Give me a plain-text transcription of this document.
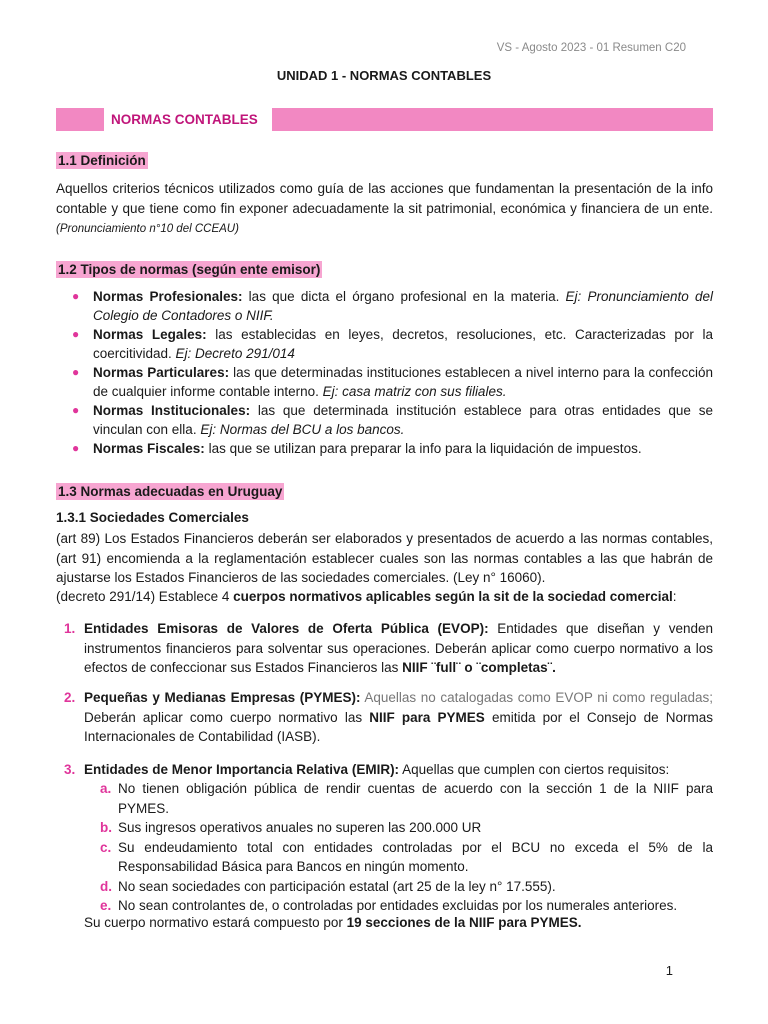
VS - Agosto 2023 - 01 Resumen C20
UNIDAD 1 - NORMAS CONTABLES
NORMAS CONTABLES
1.1 Definición
Aquellos criterios técnicos utilizados como guía de las acciones que fundamentan la presentación de la info contable y que tiene como fin exponer adecuadamente la sit patrimonial, económica y financiera de un ente. (Pronunciamiento n°10 del CCEAU)
1.2 Tipos de normas (según ente emisor)
● Normas Profesionales: las que dicta el órgano profesional en la materia. Ej: Pronunciamiento del Colegio de Contadores o NIIF.
● Normas Legales: las establecidas en leyes, decretos, resoluciones, etc. Caracterizadas por la coercitividad. Ej: Decreto 291/014
● Normas Particulares: las que determinadas instituciones establecen a nivel interno para la confección de cualquier informe contable interno. Ej: casa matriz con sus filiales.
● Normas Institucionales: las que determinada institución establece para otras entidades que se vinculan con ella. Ej: Normas del BCU a los bancos.
● Normas Fiscales: las que se utilizan para preparar la info para la liquidación de impuestos.
1.3 Normas adecuadas en Uruguay
1.3.1 Sociedades Comerciales
(art 89) Los Estados Financieros deberán ser elaborados y presentados de acuerdo a las normas contables, (art 91) encomienda a la reglamentación establecer cuales son las normas contables a las que habrán de ajustarse los Estados Financieros de las sociedades comerciales. (Ley n° 16060).
(decreto 291/14) Establece 4 cuerpos normativos aplicables según la sit de la sociedad comercial:
1. Entidades Emisoras de Valores de Oferta Pública (EVOP): Entidades que diseñan y venden instrumentos financieros para solventar sus operaciones. Deberán aplicar como cuerpo normativo a los efectos de confeccionar sus Estados Financieros las NIIF ¨full¨ o ¨completas¨.
2. Pequeñas y Medianas Empresas (PYMES): Aquellas no catalogadas como EVOP ni como reguladas; Deberán aplicar como cuerpo normativo las NIIF para PYMES emitida por el Consejo de Normas Internacionales de Contabilidad (IASB).
3. Entidades de Menor Importancia Relativa (EMIR): Aquellas que cumplen con ciertos requisitos:
a. No tienen obligación pública de rendir cuentas de acuerdo con la sección 1 de la NIIF para PYMES.
b. Sus ingresos operativos anuales no superen las 200.000 UR
c. Su endeudamiento total con entidades controladas por el BCU no exceda el 5% de la Responsabilidad Básica para Bancos en ningún momento.
d. No sean sociedades con participación estatal (art 25 de la ley n° 17.555).
e. No sean controlantes de, o controladas por entidades excluidas por los numerales anteriores.
Su cuerpo normativo estará compuesto por 19 secciones de la NIIF para PYMES.
1
